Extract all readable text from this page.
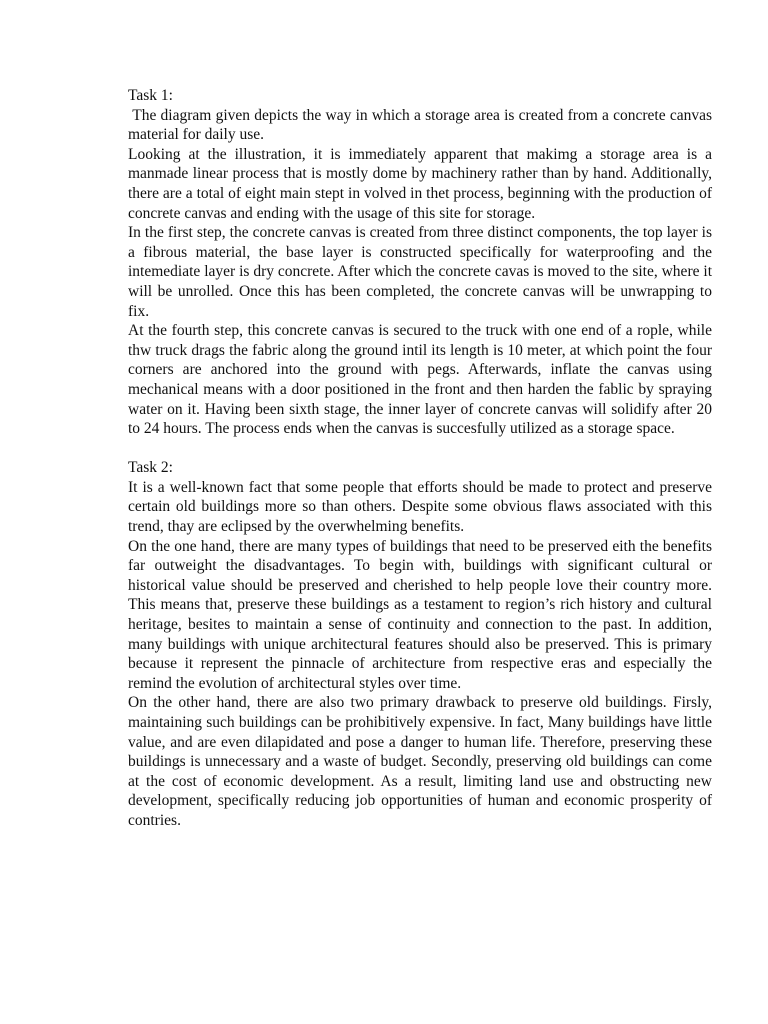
Task 1:
The diagram given depicts the way in which a storage area is created from a concrete canvas material for daily use.
Looking at the illustration, it is immediately apparent that makimg a storage area is a manmade linear process that is mostly dome by machinery rather than by hand. Additionally, there are a total of eight main stept in volved in thet process, beginning with the production of concrete canvas and ending with the usage of this site for storage.
In the first step, the concrete canvas is created from three distinct components, the top layer is a fibrous material, the base layer is constructed specifically for waterproofing and the intemediate layer is dry concrete. After which the concrete cavas is moved to the site, where it will be unrolled. Once this has been completed, the concrete canvas will be unwrapping to fix.
At the fourth step, this concrete canvas is secured to the truck with one end of a rople, while thw truck drags the fabric along the ground intil its length is 10 meter, at which point the four corners are anchored into the ground with pegs. Afterwards, inflate the canvas using mechanical means with a door positioned in the front and then harden the fablic by spraying water on it. Having been sixth stage, the inner layer of concrete canvas will solidify after 20 to 24 hours. The process ends when the canvas is succesfully utilized as a storage space.
Task 2:
It is a well-known fact that some people that efforts should be made to protect and preserve certain old buildings more so than others. Despite some obvious flaws associated with this trend, thay are eclipsed by the overwhelming benefits.
On the one hand, there are many types of buildings that need to be preserved eith the benefits far outweight the disadvantages. To begin with, buildings with significant cultural or historical value should be preserved and cherished to help people love their country more. This means that, preserve these buildings as a testament to region’s rich history and cultural heritage, besites to maintain a sense of continuity and connection to the past. In addition, many buildings with unique architectural features should also be preserved. This is primary because it represent the pinnacle of architecture from respective eras and especially the remind the evolution of architectural styles over time.
On the other hand, there are also two primary drawback to preserve old buildings. Firsly,  maintaining such buildings can be prohibitively expensive. In fact, Many buildings have little value, and are even dilapidated and pose a danger to human life. Therefore, preserving these buildings is unnecessary and a waste of budget. Secondly, preserving old buildings can come at the cost of economic development. As a result, limiting land use and obstructing new development, specifically reducing job opportunities of human and economic prosperity of contries.
